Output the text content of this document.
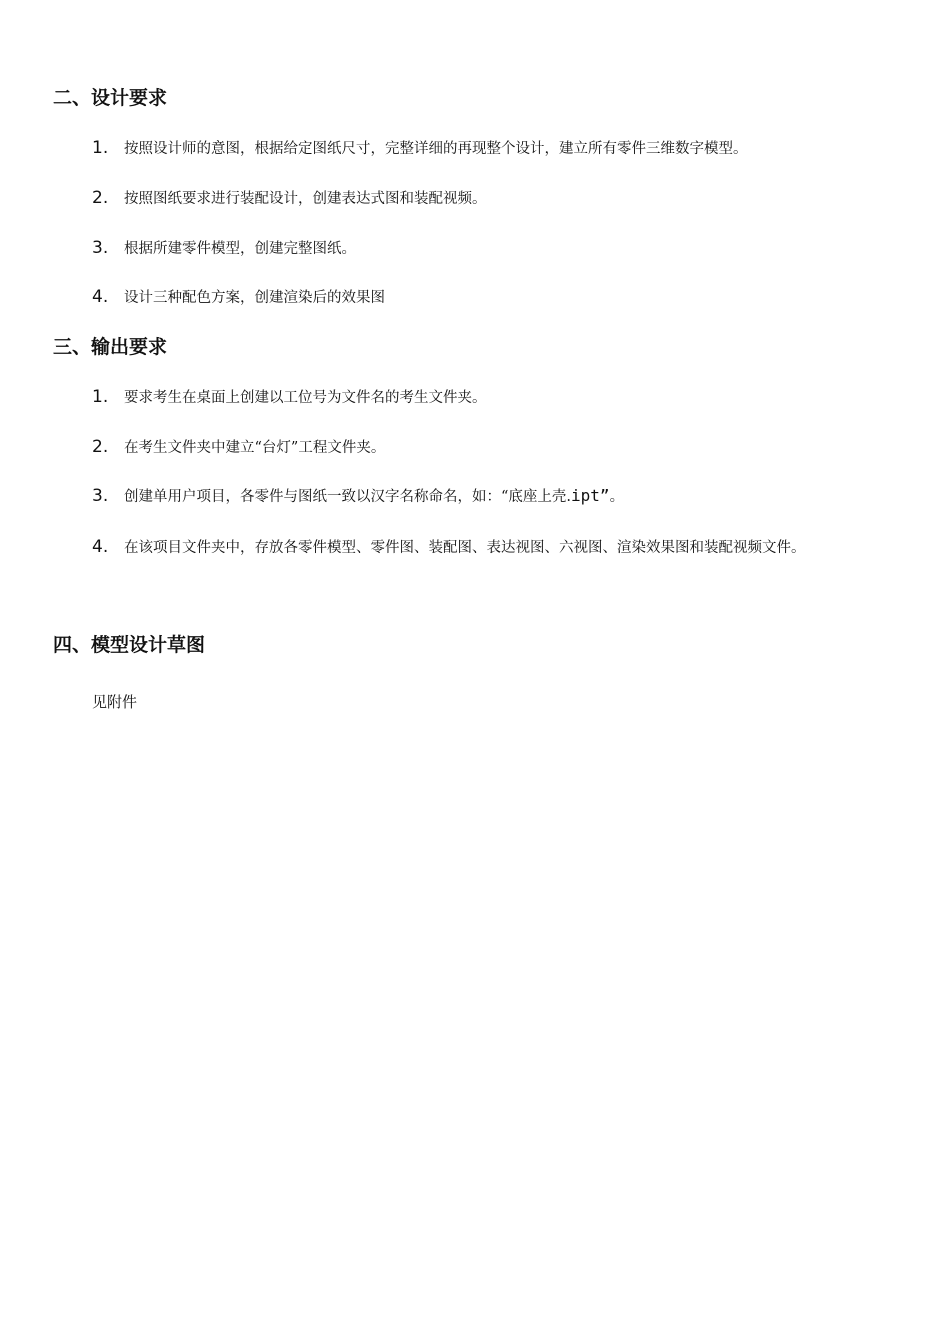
二、设计要求
1. 按照设计师的意图，根据给定图纸尺寸，完整详细的再现整个设计，建立所有零件三维数字模型。
2. 按照图纸要求进行装配设计，创建表达式图和装配视频。
3. 根据所建零件模型，创建完整图纸。
4. 设计三种配色方案，创建渲染后的效果图
三、输出要求
1. 要求考生在桌面上创建以工位号为文件名的考生文件夹。
2. 在考生文件夹中建立“台灯”工程文件夹。
3. 创建单用户项目，各零件与图纸一致以汉字名称命名，如：“底座上壳.ipt”。
4. 在该项目文件夹中，存放各零件模型、零件图、装配图、表达视图、六视图、渲染效果图和装配视频文件。
四、模型设计草图
见附件
